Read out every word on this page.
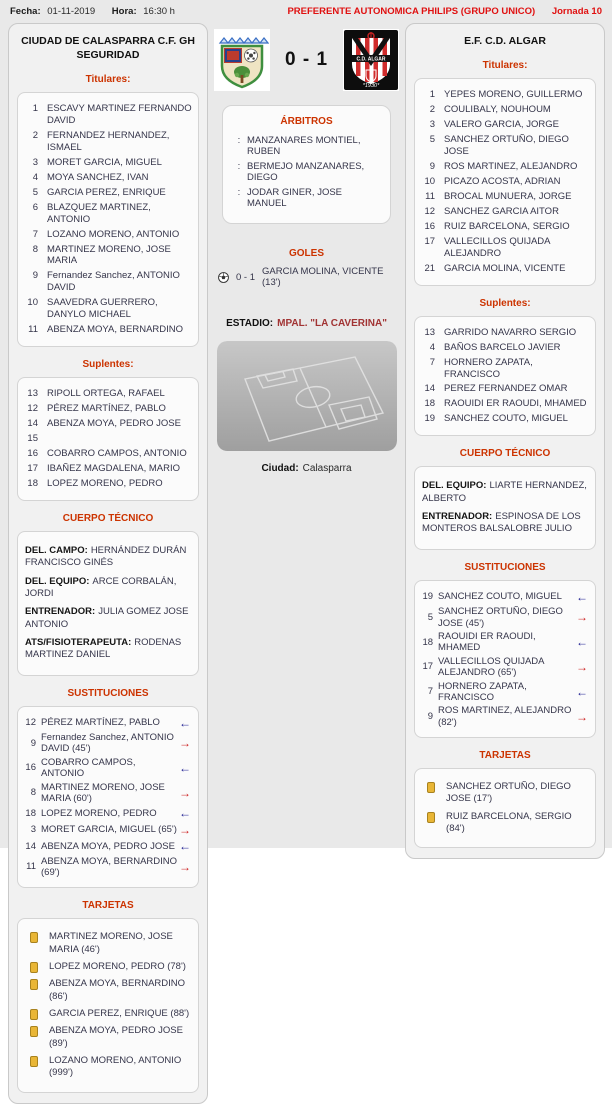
Fecha: 01-11-2019 Hora: 16:30 h	PREFERENTE AUTONOMICA PHILIPS (GRUPO UNICO) Jornada 10
CIUDAD DE CALASPARRA C.F. GH SEGURIDAD
Titulares:
1 ESCAVY MARTINEZ FERNANDO DAVID
2 FERNANDEZ HERNANDEZ, ISMAEL
3 MORET GARCIA, MIGUEL
4 MOYA SANCHEZ, IVAN
5 GARCIA PEREZ, ENRIQUE
6 BLAZQUEZ MARTINEZ, ANTONIO
7 LOZANO MORENO, ANTONIO
8 MARTINEZ MORENO, JOSE MARIA
9 Fernandez Sanchez, ANTONIO DAVID
10 SAAVEDRA GUERRERO, DANYLO MICHAEL
11 ABENZA MOYA, BERNARDINO
Suplentes:
13 RIPOLL ORTEGA, RAFAEL
12 PÉREZ MARTÍNEZ, PABLO
14 ABENZA MOYA, PEDRO JOSE
15
16 COBARRO CAMPOS, ANTONIO
17 IBAÑEZ MAGDALENA, MARIO
18 LOPEZ MORENO, PEDRO
CUERPO TÉCNICO
DEL. CAMPO: HERNÁNDEZ DURÁN FRANCISCO GINÉS
DEL. EQUIPO: ARCE CORBALÁN, JORDI
ENTRENADOR: JULIA GOMEZ JOSE ANTONIO
ATS/FISIOTERAPEUTA: RODENAS MARTINEZ DANIEL
SUSTITUCIONES
12 PÉREZ MARTÍNEZ, PABLO
←
9
Fernandez Sanchez, ANTONIO DAVID (45')
→
16
COBARRO CAMPOS, ANTONIO
←
8
MARTINEZ MORENO, JOSE MARIA (60')
→
18 LOPEZ MORENO, PEDRO
←
3 MORET GARCIA, MIGUEL (65')
→
14 ABENZA MOYA, PEDRO JOSE
←
11
ABENZA MOYA, BERNARDINO (69')
→
TARJETAS
MARTINEZ MORENO, JOSE MARIA (46')
LOPEZ MORENO, PEDRO (78')
ABENZA MOYA, BERNARDINO (86')
GARCIA PEREZ, ENRIQUE (88')
ABENZA MOYA, PEDRO JOSE (89')
LOZANO MORENO, ANTONIO (999')
0 - 1	C.D. ALGAR
*1930*
ÁRBITROS
: MANZANARES MONTIEL, RUBEN
: BERMEJO MANZANARES, DIEGO
: JODAR GINER, JOSE MANUEL
GOLES
0 - 1 GARCIA MOLINA, VICENTE (13')
ESTADIO: MPAL. "LA CAVERINA"
Ciudad: Calasparra
E.F. C.D. ALGAR
Titulares:
1 YEPES MORENO, GUILLERMO
2 COULIBALY, NOUHOUM
3 VALERO GARCIA, JORGE
5 SANCHEZ ORTUÑO, DIEGO JOSE
9 ROS MARTINEZ, ALEJANDRO
10 PICAZO ACOSTA, ADRIAN
11 BROCAL MUNUERA, JORGE
12 SANCHEZ GARCIA AITOR
16 RUIZ BARCELONA, SERGIO
17 VALLECILLOS QUIJADA ALEJANDRO
21 GARCIA MOLINA, VICENTE
Suplentes:
13 GARRIDO NAVARRO SERGIO
4 BAÑOS BARCELO JAVIER
7 HORNERO ZAPATA, FRANCISCO
14 PEREZ FERNANDEZ OMAR
18 RAOUIDI ER RAOUDI, MHAMED
19 SANCHEZ COUTO, MIGUEL
CUERPO TÉCNICO
DEL. EQUIPO: LIARTE HERNANDEZ, ALBERTO
ENTRENADOR: ESPINOSA DE LOS MONTEROS BALSALOBRE JULIO
SUSTITUCIONES
19 SANCHEZ COUTO, MIGUEL
←
5
SANCHEZ ORTUÑO, DIEGO JOSE (45')
→
18
RAOUIDI ER RAOUDI, MHAMED
←
17
VALLECILLOS QUIJADA ALEJANDRO (65')
→
7
HORNERO ZAPATA, FRANCISCO
←
9
ROS MARTINEZ, ALEJANDRO (82')
→
TARJETAS
SANCHEZ ORTUÑO, DIEGO JOSE (17')
RUIZ BARCELONA, SERGIO (84')
